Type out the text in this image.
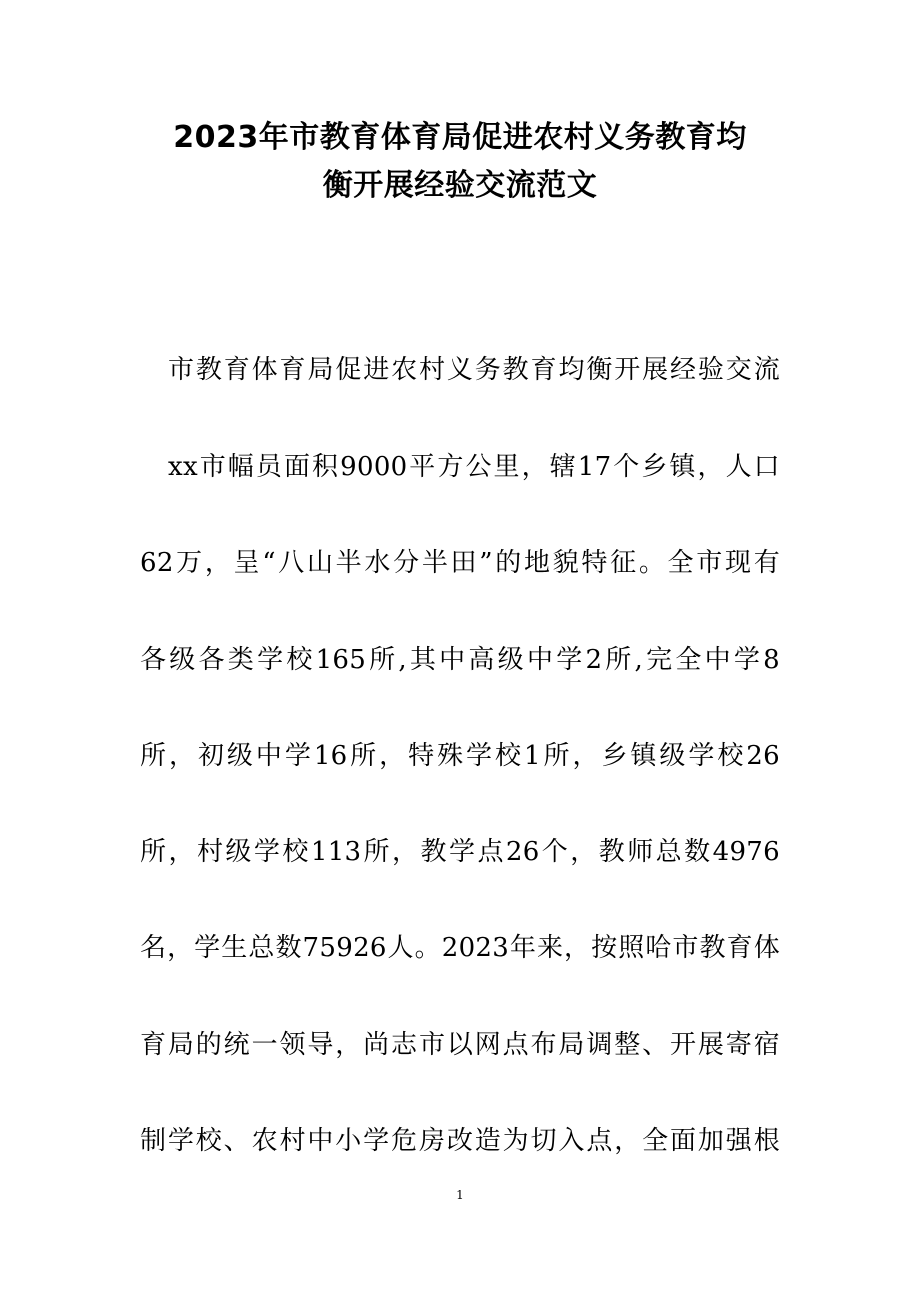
2023年市教育体育局促进农村义务教育均
衡开展经验交流范文
市教育体育局促进农村义务教育均衡开展经验交流
xx市幅员面积9000平方公里，辖17个乡镇，人口
62万，呈“八山半水分半田”的地貌特征。全市现有
各级各类学校165所,其中高级中学2所,完全中学8
所，初级中学16所，特殊学校1所，乡镇级学校26
所，村级学校113所，教学点26个，教师总数4976
名，学生总数75926人。2023年来，按照哈市教育体
育局的统一领导，尚志市以网点布局调整、开展寄宿
制学校、农村中小学危房改造为切入点，全面加强根
1
